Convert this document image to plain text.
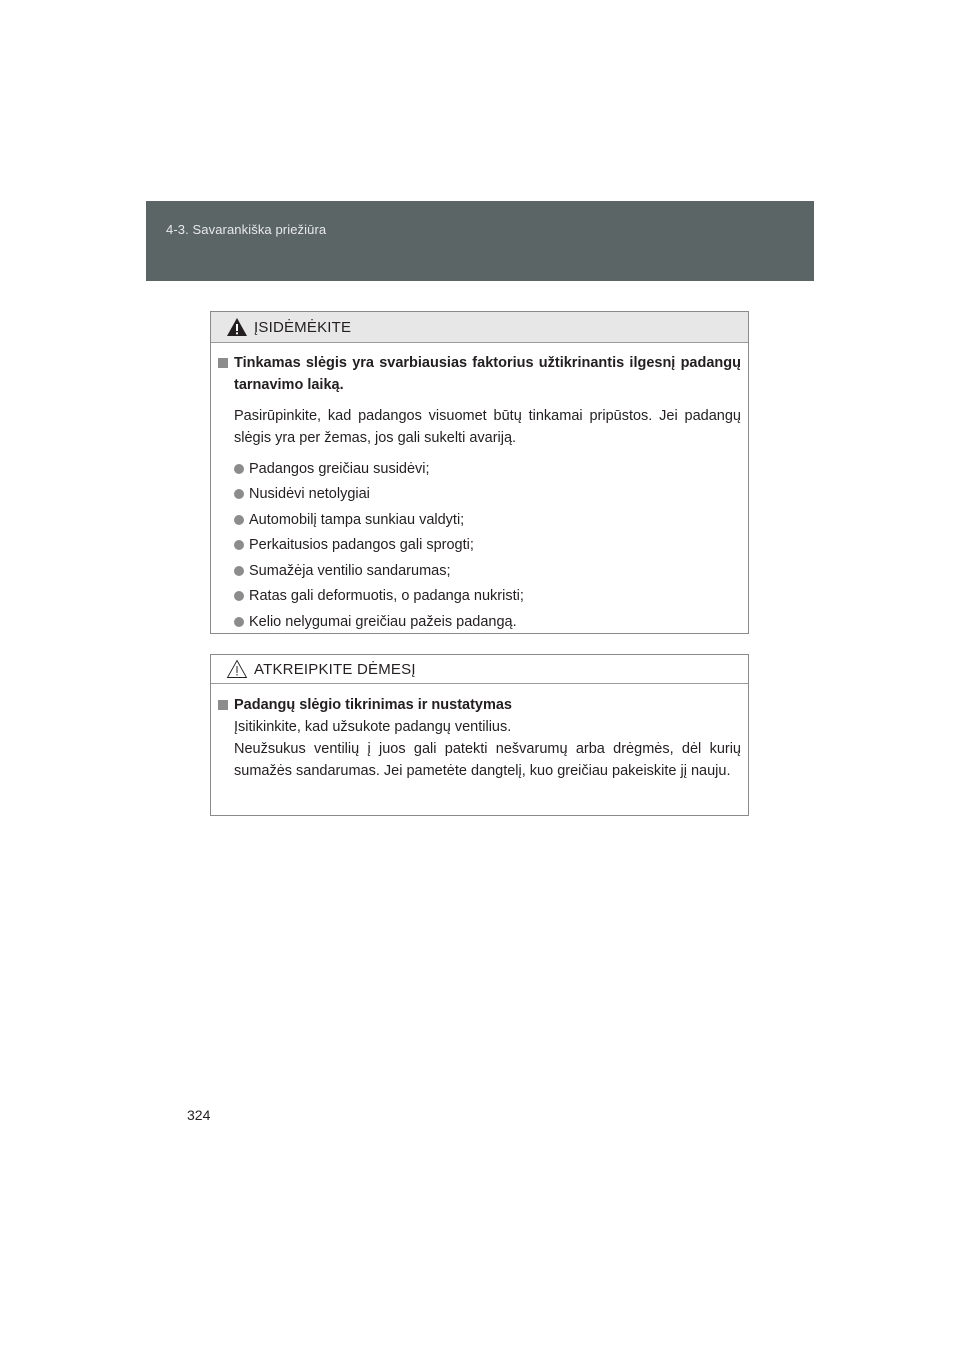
4-3. Savarankiška priežiūra
ĮSIDĖMĖKITE
Tinkamas slėgis yra svarbiausias faktorius užtikrinantis ilgesnį padangų tarnavimo laiką.
Pasirūpinkite, kad padangos visuomet būtų tinkamai pripūstos. Jei padangų slėgis yra per žemas, jos gali sukelti avariją.
Padangos greičiau susidėvi;
Nusidėvi netolygiai
Automobilį tampa sunkiau valdyti;
Perkaitusios padangos gali sprogti;
Sumažėja ventilio sandarumas;
Ratas gali deformuotis, o padanga nukristi;
Kelio nelygumai greičiau pažeis padangą.
ATKREIPKITE DĖMESĮ
Padangų slėgio tikrinimas ir nustatymas
Įsitikinkite, kad užsukote padangų ventilius.
Neužsukus ventilių į juos gali patekti nešvarumų arba drėgmės, dėl kurių sumažės sandarumas. Jei pametėte dangtelį, kuo greičiau pakeiskite jį nauju.
324
